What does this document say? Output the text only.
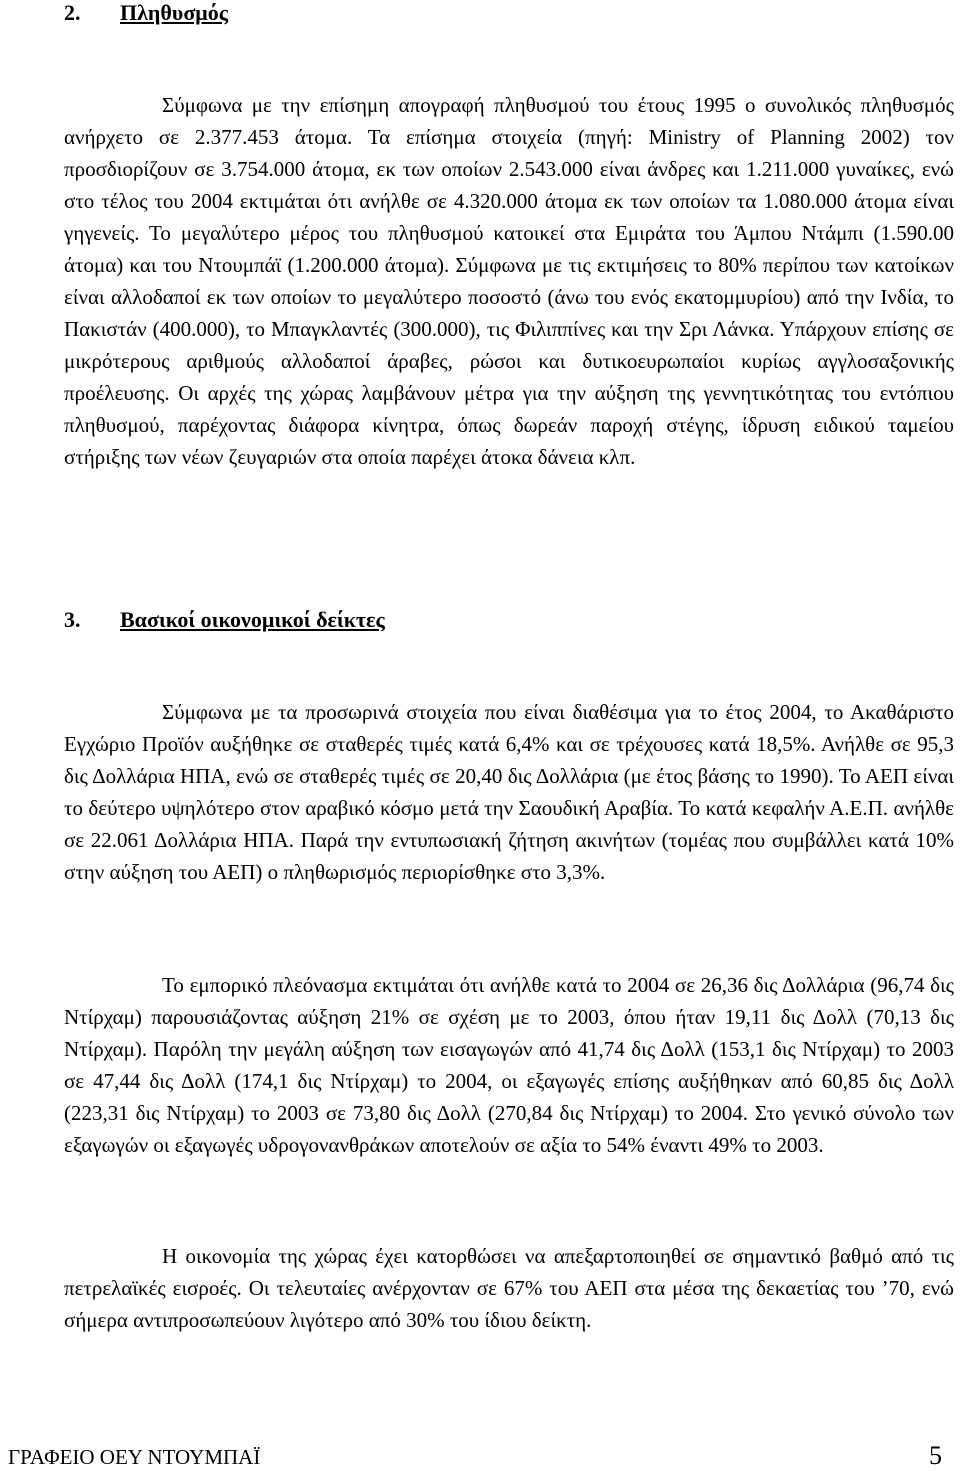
2. Πληθυσμός

Σύμφωνα με την επίσημη απογραφή πληθυσμού του έτους 1995 ο συνολικός πληθυσμός ανήρχετο σε 2.377.453 άτομα. Τα επίσημα στοιχεία (πηγή: Ministry of Planning 2002) τον προσδιορίζουν σε 3.754.000 άτομα, εκ των οποίων 2.543.000 είναι άνδρες και 1.211.000 γυναίκες, ενώ στο τέλος του 2004 εκτιμάται ότι ανήλθε σε 4.320.000 άτομα εκ των οποίων τα 1.080.000 άτομα είναι γηγενείς. Το μεγαλύτερο μέρος του πληθυσμού κατοικεί στα Εμιράτα του Άμπου Ντάμπι (1.590.00 άτομα) και του Ντουμπάϊ (1.200.000 άτομα). Σύμφωνα με τις εκτιμήσεις το 80% περίπου των κατοίκων είναι αλλοδαποί εκ των οποίων το μεγαλύτερο ποσοστό (άνω του ενός εκατομμυρίου) από την Ινδία, το Πακιστάν (400.000), το Μπαγκλαντές (300.000), τις Φιλιππίνες και την Σρι Λάνκα. Υπάρχουν επίσης σε μικρότερους αριθμούς αλλοδαποί άραβες, ρώσοι και δυτικοευρωπαίοι κυρίως αγγλοσαξονικής προέλευσης. Οι αρχές της χώρας λαμβάνουν μέτρα για την αύξηση της γεννητικότητας του εντόπιου πληθυσμού, παρέχοντας διάφορα κίνητρα, όπως δωρεάν παροχή στέγης, ίδρυση ειδικού ταμείου στήριξης των νέων ζευγαριών στα οποία παρέχει άτοκα δάνεια κλπ.

3. Βασικοί οικονομικοί δείκτες

Σύμφωνα με τα προσωρινά στοιχεία που είναι διαθέσιμα για το έτος 2004, το Ακαθάριστο Εγχώριο Προϊόν αυξήθηκε σε σταθερές τιμές κατά 6,4% και σε τρέχουσες κατά 18,5%. Ανήλθε σε 95,3 δις Δολλάρια ΗΠΑ, ενώ σε σταθερές τιμές σε 20,40 δις Δολλάρια (με έτος βάσης το 1990). Το ΑΕΠ είναι το δεύτερο υψηλότερο στον αραβικό κόσμο μετά την Σαουδική Αραβία. Το κατά κεφαλήν Α.Ε.Π. ανήλθε σε 22.061 Δολλάρια ΗΠΑ. Παρά την εντυπωσιακή ζήτηση ακινήτων (τομέας που συμβάλλει κατά 10% στην αύξηση του ΑΕΠ) ο πληθωρισμός περιορίσθηκε στο 3,3%.

Το εμπορικό πλεόνασμα εκτιμάται ότι ανήλθε κατά το 2004 σε 26,36 δις Δολλάρια (96,74 δις Ντίρχαμ) παρουσιάζοντας αύξηση 21% σε σχέση με το 2003, όπου ήταν 19,11 δις Δολλ (70,13 δις Ντίρχαμ). Παρόλη την μεγάλη αύξηση των εισαγωγών από 41,74 δις Δολλ (153,1 δις Ντίρχαμ) το 2003 σε 47,44 δις Δολλ (174,1 δις Ντίρχαμ) το 2004, οι εξαγωγές επίσης αυξήθηκαν από 60,85 δις Δολλ (223,31 δις Ντίρχαμ) το 2003 σε 73,80 δις Δολλ (270,84 δις Ντίρχαμ) το 2004. Στο γενικό σύνολο των εξαγωγών οι εξαγωγές υδρογονανθράκων αποτελούν σε αξία το 54% έναντι 49% το 2003.

Η οικονομία της χώρας έχει κατορθώσει να απεξαρτοποιηθεί σε σημαντικό βαθμό από τις πετρελαϊκές εισροές. Οι τελευταίες ανέρχονταν σε 67% του ΑΕΠ στα μέσα της δεκαετίας του ’70, ενώ σήμερα αντιπροσωπεύουν λιγότερο από 30% του ίδιου δείκτη.

ΓΡΑΦΕΙΟ ΟΕΥ ΝΤΟΥΜΠΑΪ	5
